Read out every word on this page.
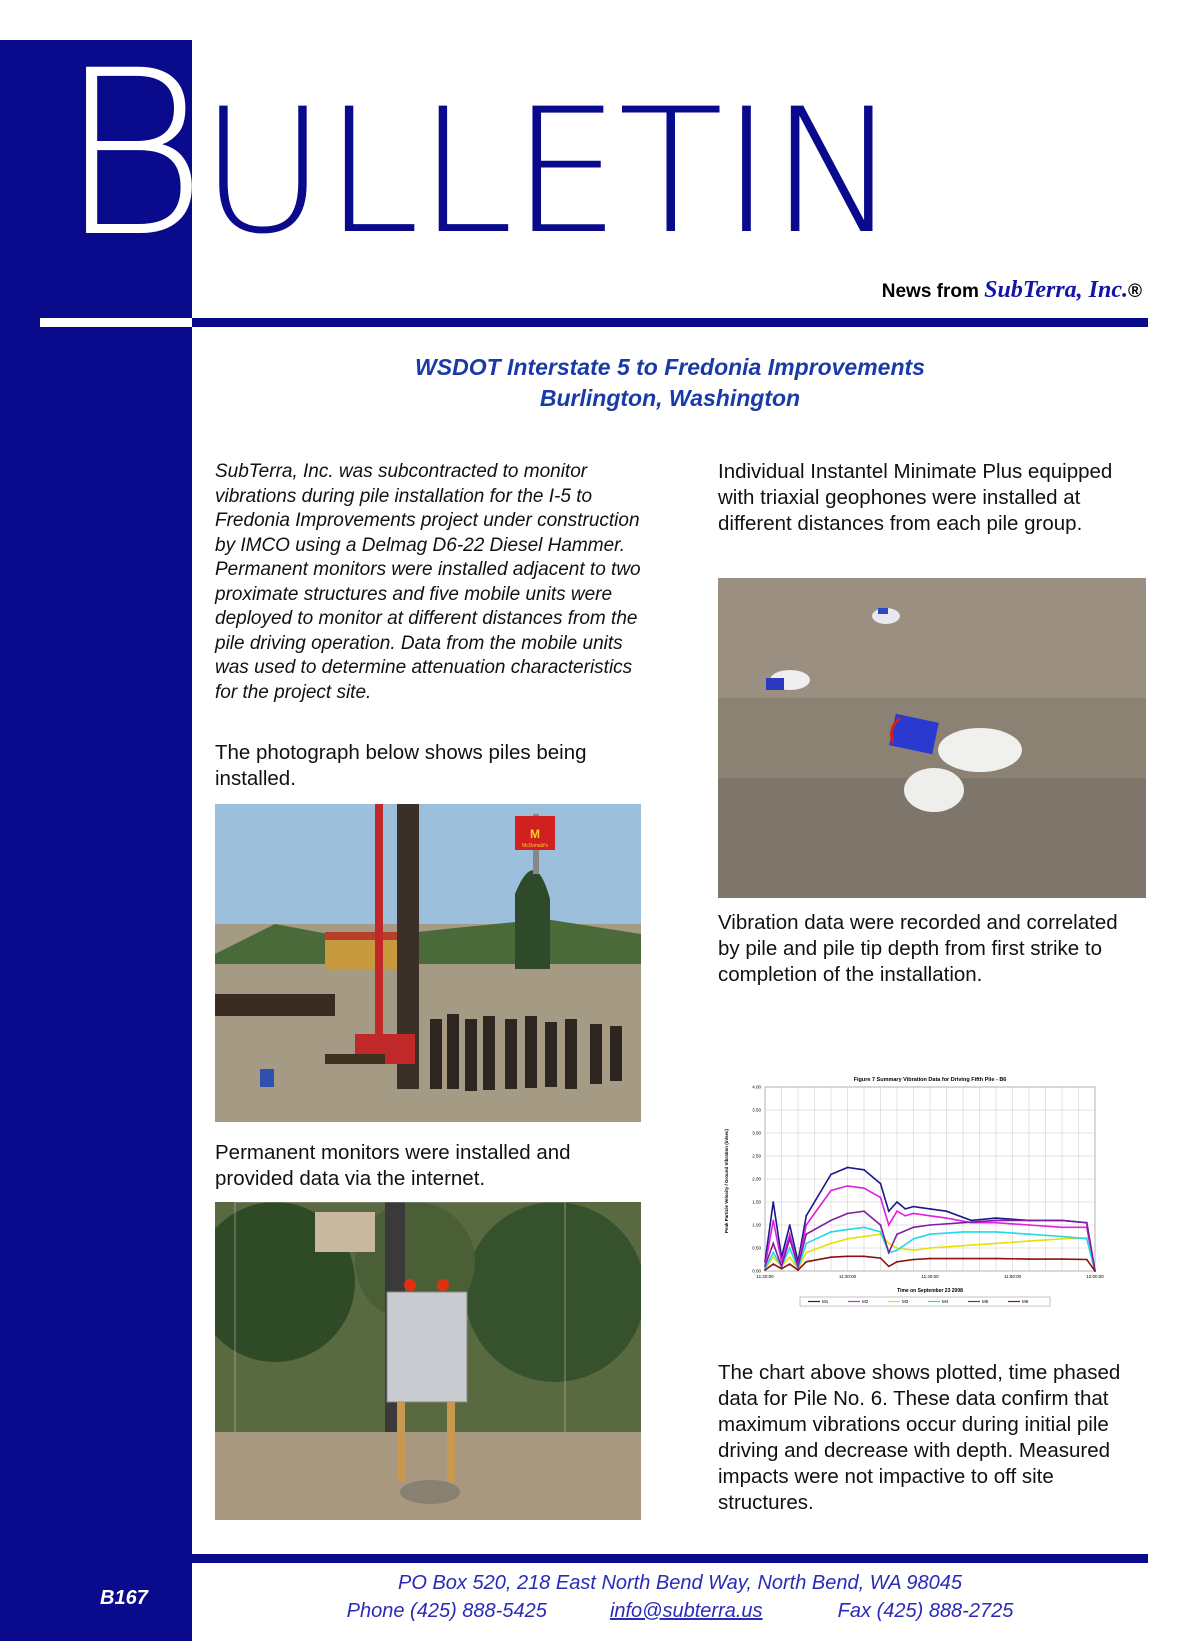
B
ULLETIN
News from SubTerra, Inc.®
WSDOT Interstate 5 to Fredonia Improvements
Burlington, Washington
SubTerra, Inc. was subcontracted to monitor vibrations during pile installation for the I-5 to Fredonia Improvements project under construction by IMCO using a Delmag D6-22 Diesel Hammer. Permanent monitors were installed adjacent to two proximate structures and five mobile units were deployed to monitor at different distances from the pile driving operation. Data from the mobile units was used to determine attenuation characteristics for the project site.
The photograph below shows piles being installed.
M
McDonald's
Permanent monitors were installed and provided data via the internet.
Individual Instantel Minimate Plus equipped with triaxial geophones were installed at different distances from each pile group.
Vibration data were recorded and correlated by pile and pile tip depth from first strike to completion of the installation.
Figure 7 Summary Vibration Data for Driving Fifth Pile - B6
Peak Particle Velocity / Ground Vibration (in/sec)
Time on September 23 2008
0.00
0.50
1.00
1.50
2.00
2.50
3.00
3.50
4.00
11:20:00	11:30:00	11:40:00	11:50:00	12:00:00
M1	M2	M3	M4	M5	M6
The chart above shows plotted, time phased data for Pile No. 6. These data confirm that maximum vibrations occur during initial pile driving and decrease with depth. Measured impacts were not impactive to off site structures.
B167
PO Box 520, 218 East North Bend Way, North Bend, WA 98045
Phone (425) 888-5425	info@subterra.us	Fax (425) 888-2725
